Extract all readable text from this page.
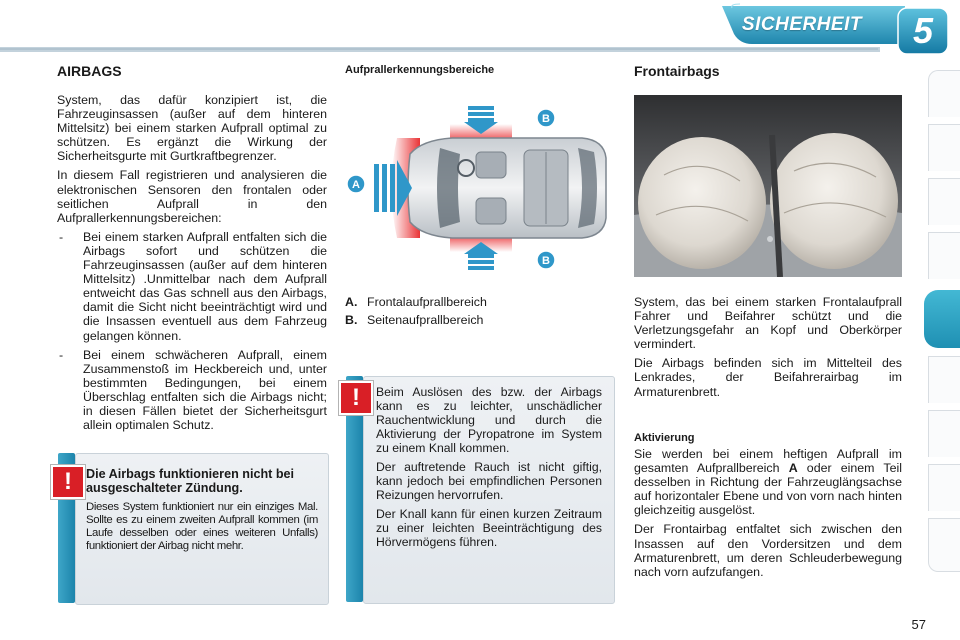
SICHERHEIT	5
AIRBAGS

System, das dafür konzipiert ist, die Fahrzeuginsassen (außer auf dem hinteren Mittelsitz) bei einem starken Aufprall optimal zu schützen. Es ergänzt die Wirkung der Sicherheitsgurte mit Gurtkraftbegrenzer.

In diesem Fall registrieren und analysieren die elektronischen Sensoren den frontalen oder seitlichen Aufprall in den Aufprallerkennungsbereichen:

-	Bei einem starken Aufprall entfalten sich die Airbags sofort und schützen die Fahrzeuginsassen (außer auf dem hinteren Mittelsitz) .Unmittelbar nach dem Aufprall entweicht das Gas schnell aus den Airbags, damit die Sicht nicht beeinträchtigt wird und die Insassen eventuell aus dem Fahrzeug gelangen können.
-	Bei einem schwächeren Aufprall, einem Zusammenstoß im Heckbereich und, unter bestimmten Bedingungen, bei einem Überschlag entfalten sich die Airbags nicht; in diesen Fällen bietet der Sicherheitsgurt allein optimalen Schutz.
!	Die Airbags funktionieren nicht bei ausgeschalteter Zündung.
Dieses System funktioniert nur ein einziges Mal. Sollte es zu einem zweiten Aufprall kommen (im Laufe desselben oder eines weiteren Unfalls) funktioniert der Airbag nicht mehr.
Aufprallerkennungsbereiche
A
B
B
A. Frontalaufprallbereich
B. Seitenaufprallbereich
!	Beim Auslösen des bzw. der Airbags kann es zu leichter, unschädlicher Rauchentwicklung und durch die Aktivierung der Pyropatrone im System zu einem Knall kommen.

Der auftretende Rauch ist nicht giftig, kann jedoch bei empfindlichen Personen Reizungen hervorrufen.

Der Knall kann für einen kurzen Zeitraum zu einer leichten Beeinträchtigung des Hörvermögens führen.

Frontairbags

System, das bei einem starken Frontalaufprall Fahrer und Beifahrer schützt und die Verletzungsgefahr an Kopf und Oberkörper vermindert.

Die Airbags befinden sich im Mittelteil des Lenkrades, der Beifahrerairbag im Armaturenbrett.

Aktivierung

Sie werden bei einem heftigen Aufprall im gesamten Aufprallbereich A oder einem Teil desselben in Richtung der Fahrzeuglängsachse auf horizontaler Ebene und von vorn nach hinten gleichzeitig ausgelöst.

Der Frontairbag entfaltet sich zwischen den Insassen auf den Vordersitzen und dem Armaturenbrett, um deren Schleuderbewegung nach vorn aufzufangen.

57
